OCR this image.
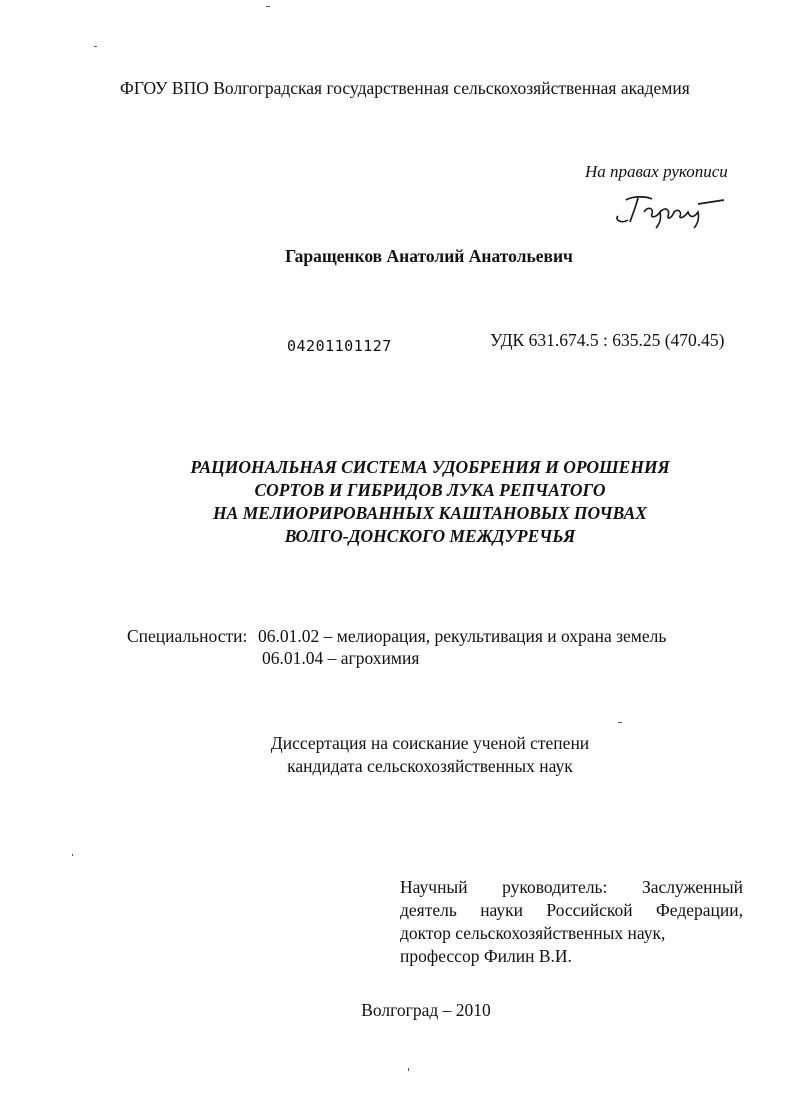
ФГОУ ВПО Волгоградская государственная сельскохозяйственная академия
На правах рукописи
Гаращенков Анатолий Анатольевич
04201101127	УДК 631.674.5 : 635.25 (470.45)
РАЦИОНАЛЬНАЯ СИСТЕМА УДОБРЕНИЯ И ОРОШЕНИЯ
СОРТОВ И ГИБРИДОВ ЛУКА РЕПЧАТОГО
НА МЕЛИОРИРОВАННЫХ КАШТАНОВЫХ ПОЧВАХ
ВОЛГО-ДОНСКОГО МЕЖДУРЕЧЬЯ
Специальности: 06.01.02 – мелиорация, рекультивация и охрана земель
06.01.04 – агрохимия
Диссертация на соискание ученой степени
кандидата сельскохозяйственных наук
Научный руководитель: Заслуженный
деятель науки Российской Федерации,
доктор сельскохозяйственных наук,
профессор Филин В.И.
Волгоград – 2010
